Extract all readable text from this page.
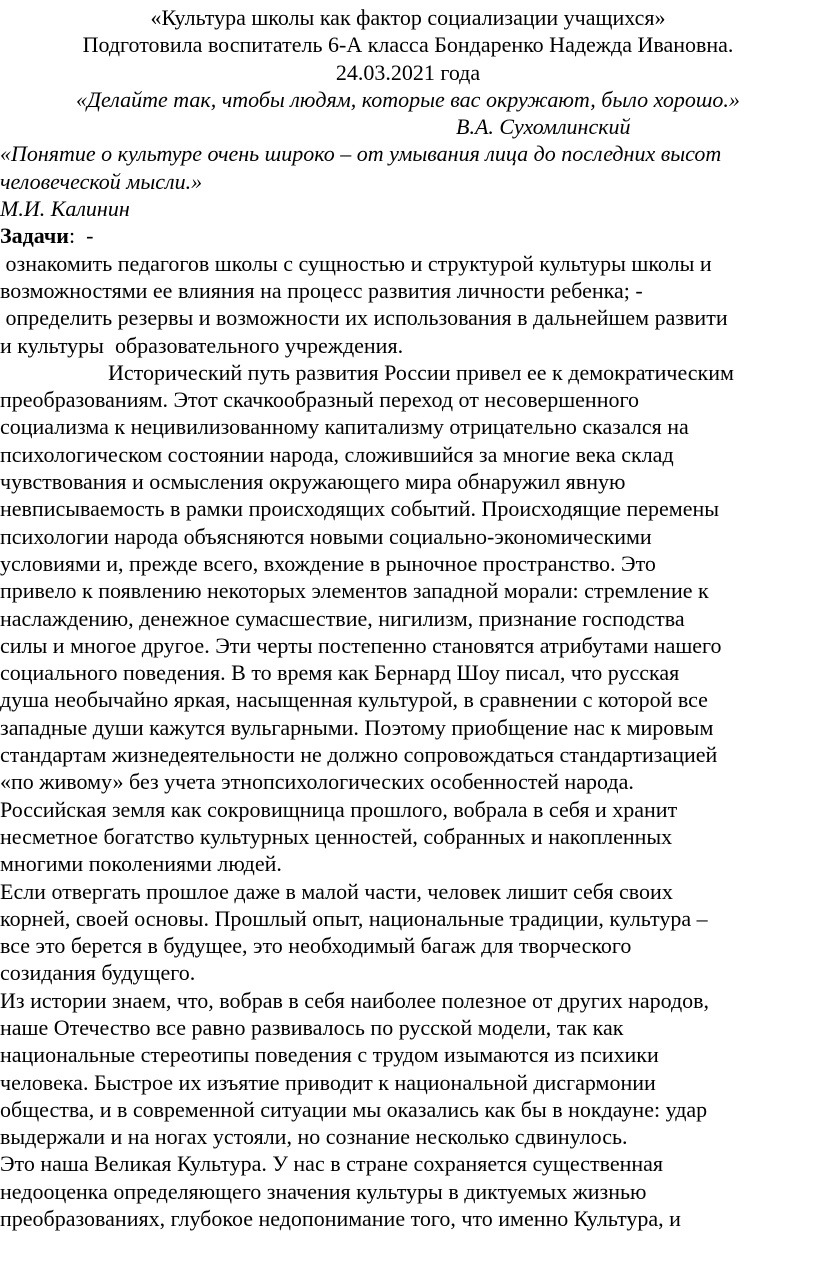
«Культура школы как фактор социализации учащихся»
Подготовила воспитатель 6-А класса Бондаренко Надежда Ивановна.
24.03.2021 года
«Делайте так, чтобы людям, которые вас окружают, было хорошо.»
В.А. Сухомлинский
«Понятие о культуре очень широко – от умывания лица до последних высот
человеческой мысли.»
М.И. Калинин
Задачи:  -
ознакомить педагогов школы с сущностью и структурой культуры школы и
возможностями ее влияния на процесс развития личности ребенка; -
определить резервы и возможности их использования в дальнейшем развити
и культуры  образовательного учреждения.
Исторический путь развития России привел ее к демократическим
преобразованиям. Этот скачкообразный переход от несовершенного
социализма к нецивилизованному капитализму отрицательно сказался на
психологическом состоянии народа, сложившийся за многие века склад
чувствования и осмысления окружающего мира обнаружил явную
невписываемость в рамки происходящих событий. Происходящие перемены
психологии народа объясняются новыми социально-экономическими
условиями и, прежде всего, вхождение в рыночное пространство. Это
привело к появлению некоторых элементов западной морали: стремление к
наслаждению, денежное сумасшествие, нигилизм, признание господства
силы и многое другое. Эти черты постепенно становятся атрибутами нашего
социального поведения. В то время как Бернард Шоу писал, что русская
душа необычайно яркая, насыщенная культурой, в сравнении с которой все
западные души кажутся вульгарными. Поэтому приобщение нас к мировым
стандартам жизнедеятельности не должно сопровождаться стандартизацией
«по живому» без учета этнопсихологических особенностей народа.
Российская земля как сокровищница прошлого, вобрала в себя и хранит
несметное богатство культурных ценностей, собранных и накопленных
многими поколениями людей.
Если отвергать прошлое даже в малой части, человек лишит себя своих
корней, своей основы. Прошлый опыт, национальные традиции, культура –
все это берется в будущее, это необходимый багаж для творческого
созидания будущего.
Из истории знаем, что, вобрав в себя наиболее полезное от других народов,
наше Отечество все равно развивалось по русской модели, так как
национальные стереотипы поведения с трудом изымаются из психики
человека. Быстрое их изъятие приводит к национальной дисгармонии
общества, и в современной ситуации мы оказались как бы в нокдауне: удар
выдержали и на ногах устояли, но сознание несколько сдвинулось.
Это наша Великая Культура. У нас в стране сохраняется существенная
недооценка определяющего значения культуры в диктуемых жизнью
преобразованиях, глубокое недопонимание того, что именно Культура, и
